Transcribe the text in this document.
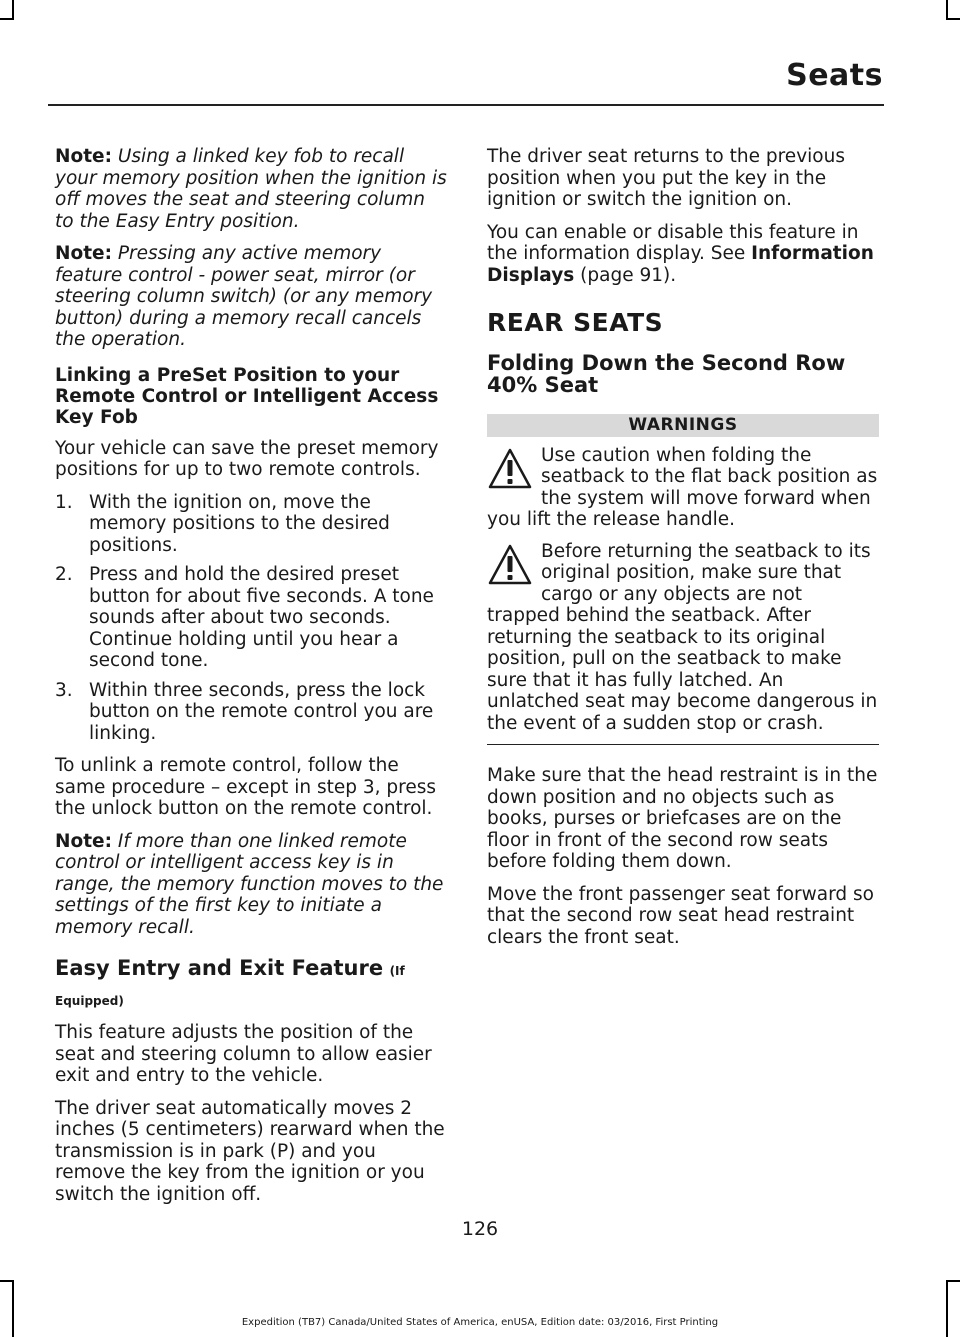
Seats

Note: Using a linked key fob to recall your memory position when the ignition is off moves the seat and steering column to the Easy Entry position.

Note: Pressing any active memory feature control - power seat, mirror (or steering column switch) (or any memory button) during a memory recall cancels the operation.

Linking a PreSet Position to your Remote Control or Intelligent Access Key Fob

Your vehicle can save the preset memory positions for up to two remote controls.

1. With the ignition on, move the memory positions to the desired positions.
2. Press and hold the desired preset button for about five seconds. A tone sounds after about two seconds. Continue holding until you hear a second tone.
3. Within three seconds, press the lock button on the remote control you are linking.

To unlink a remote control, follow the same procedure – except in step 3, press the unlock button on the remote control.

Note: If more than one linked remote control or intelligent access key is in range, the memory function moves to the settings of the first key to initiate a memory recall.

Easy Entry and Exit Feature (If
Equipped)

This feature adjusts the position of the seat and steering column to allow easier exit and entry to the vehicle.

The driver seat automatically moves 2 inches (5 centimeters) rearward when the transmission is in park (P) and you remove the key from the ignition or you switch the ignition off.

The driver seat returns to the previous position when you put the key in the ignition or switch the ignition on.

You can enable or disable this feature in the information display. See Information Displays (page 91).

REAR SEATS
Folding Down the Second Row 40% Seat
WARNINGS
Use caution when folding the seatback to the flat back position as the system will move forward when you lift the release handle.
Before returning the seatback to its original position, make sure that cargo or any objects are not trapped behind the seatback. After returning the seatback to its original position, pull on the seatback to make sure that it has fully latched. An unlatched seat may become dangerous in the event of a sudden stop or crash.

Make sure that the head restraint is in the down position and no objects such as books, purses or briefcases are on the floor in front of the second row seats before folding them down.

Move the front passenger seat forward so that the second row seat head restraint clears the front seat.

126
Expedition (TB7) Canada/United States of America, enUSA, Edition date: 03/2016, First Printing
